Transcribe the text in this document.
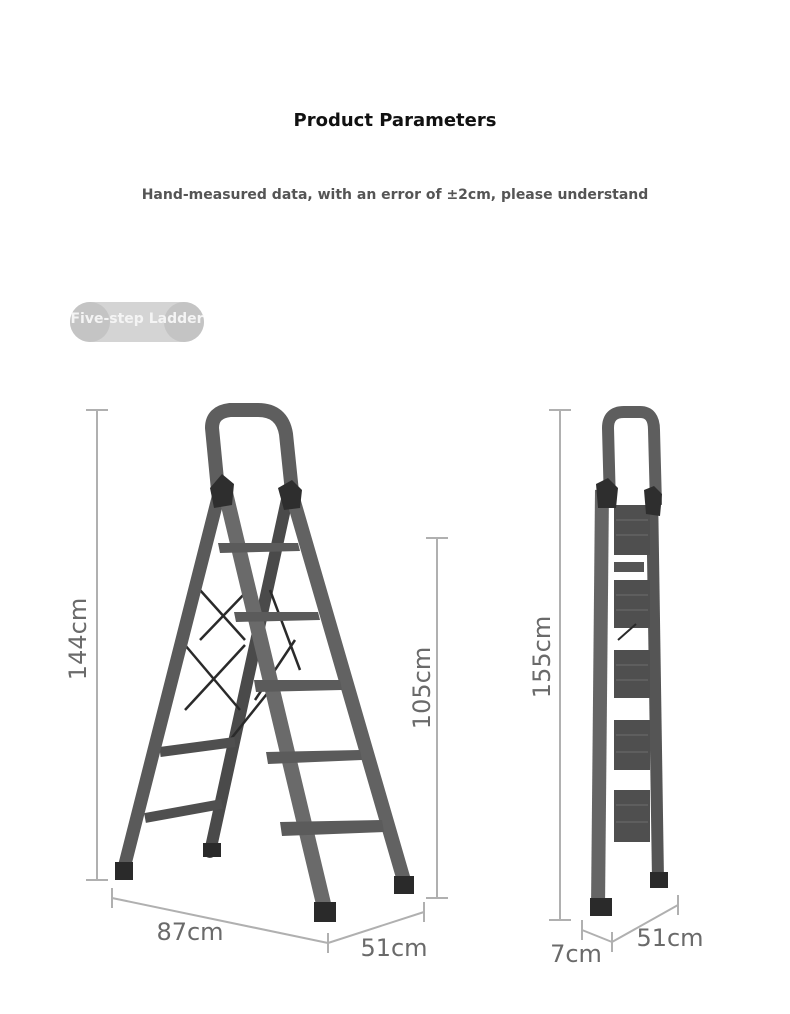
Product Parameters
Hand-measured data, with an error of ±2cm, please understand
Five-step Ladder
144cm
105cm
87cm
51cm
155cm
7cm
51cm
